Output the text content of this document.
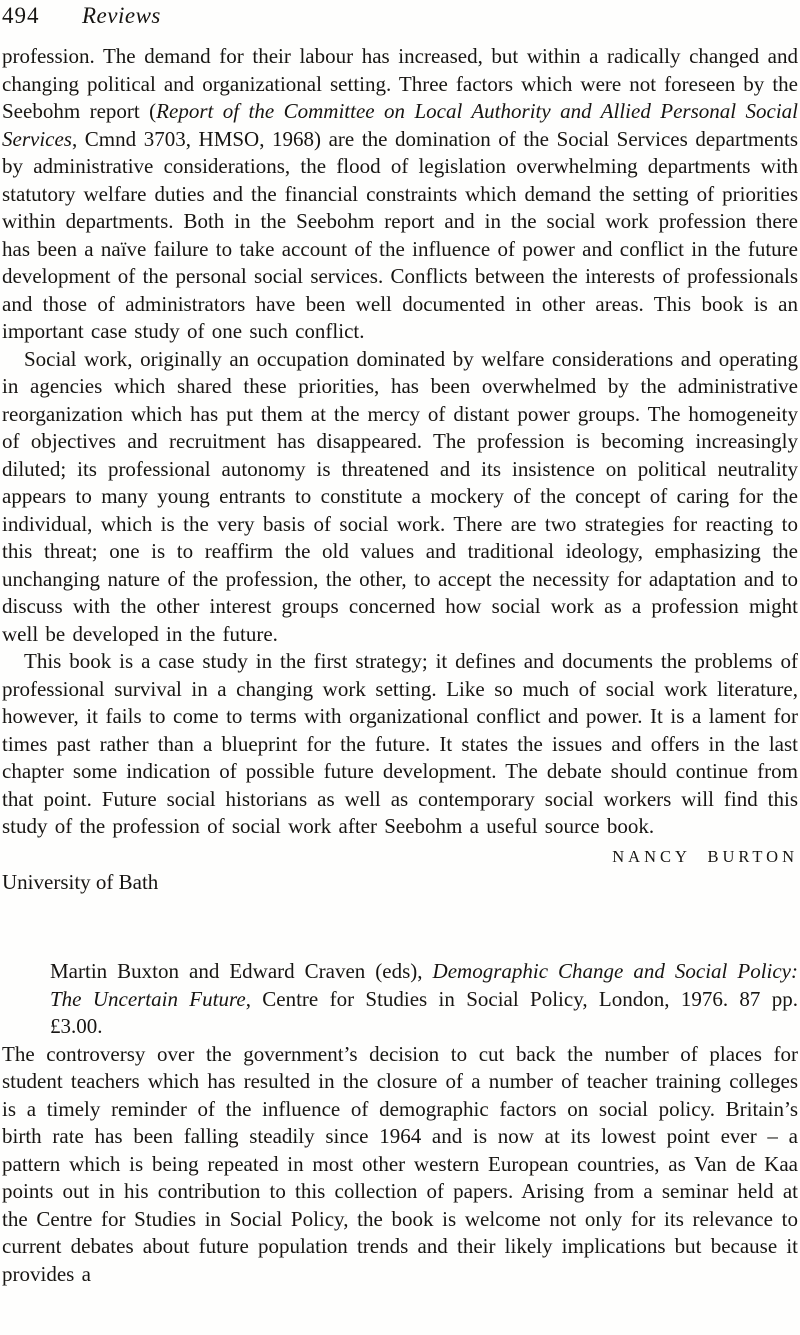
494	Reviews

profession. The demand for their labour has increased, but within a radically changed and changing political and organizational setting. Three factors which were not foreseen by the Seebohm report (Report of the Committee on Local Authority and Allied Personal Social Services, Cmnd 3703, HMSO, 1968) are the domination of the Social Services departments by administrative considerations, the flood of legislation overwhelming departments with statutory welfare duties and the financial constraints which demand the setting of priorities within departments. Both in the Seebohm report and in the social work profession there has been a naïve failure to take account of the influence of power and conflict in the future development of the personal social services. Conflicts between the interests of professionals and those of administrators have been well documented in other areas. This book is an important case study of one such conflict.

Social work, originally an occupation dominated by welfare considerations and operating in agencies which shared these priorities, has been overwhelmed by the administrative reorganization which has put them at the mercy of distant power groups. The homogeneity of objectives and recruitment has disappeared. The profession is becoming increasingly diluted; its professional autonomy is threatened and its insistence on political neutrality appears to many young entrants to constitute a mockery of the concept of caring for the individual, which is the very basis of social work. There are two strategies for reacting to this threat; one is to reaffirm the old values and traditional ideology, emphasizing the unchanging nature of the profession, the other, to accept the necessity for adaptation and to discuss with the other interest groups concerned how social work as a profession might well be developed in the future.

This book is a case study in the first strategy; it defines and documents the problems of professional survival in a changing work setting. Like so much of social work literature, however, it fails to come to terms with organizational conflict and power. It is a lament for times past rather than a blueprint for the future. It states the issues and offers in the last chapter some indication of possible future development. The debate should continue from that point. Future social historians as well as contemporary social workers will find this study of the profession of social work after Seebohm a useful source book.

NANCY BURTON
University of Bath

Martin Buxton and Edward Craven (eds), Demographic Change and Social Policy: The Uncertain Future, Centre for Studies in Social Policy, London, 1976. 87 pp. £3.00.

The controversy over the government’s decision to cut back the number of places for student teachers which has resulted in the closure of a number of teacher training colleges is a timely reminder of the influence of demographic factors on social policy. Britain’s birth rate has been falling steadily since 1964 and is now at its lowest point ever – a pattern which is being repeated in most other western European countries, as Van de Kaa points out in his contribution to this collection of papers. Arising from a seminar held at the Centre for Studies in Social Policy, the book is welcome not only for its relevance to current debates about future population trends and their likely implications but because it provides a
